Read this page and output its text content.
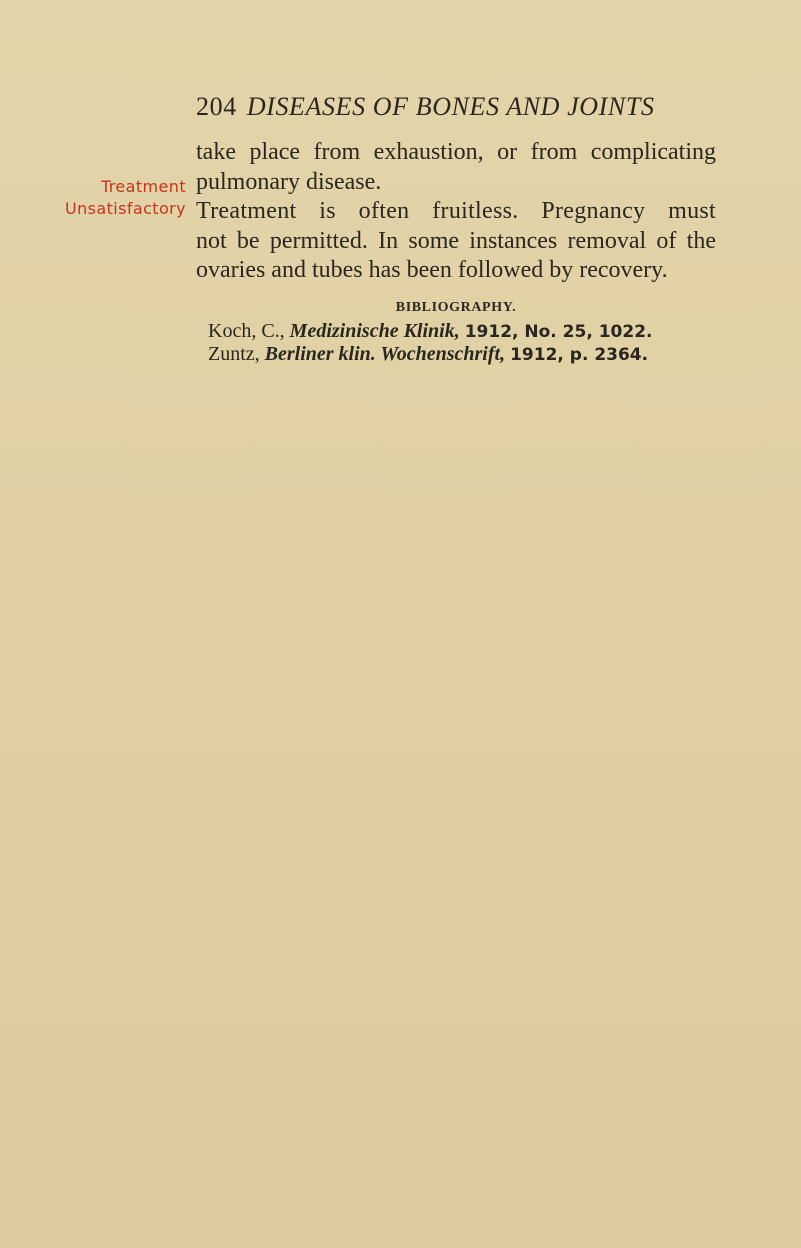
204 DISEASES OF BONES AND JOINTS
Treatment
Unsatisfactory
take place from exhaustion, or from complicating
pulmonary disease.
Treatment is often fruitless. Pregnancy must
not be permitted. In some instances removal of the
ovaries and tubes has been followed by recovery.
BIBLIOGRAPHY.
Koch, C., Medizinische Klinik, 1912, No. 25, 1022.
Zuntz, Berliner klin. Wochenschrift, 1912, p. 2364.
